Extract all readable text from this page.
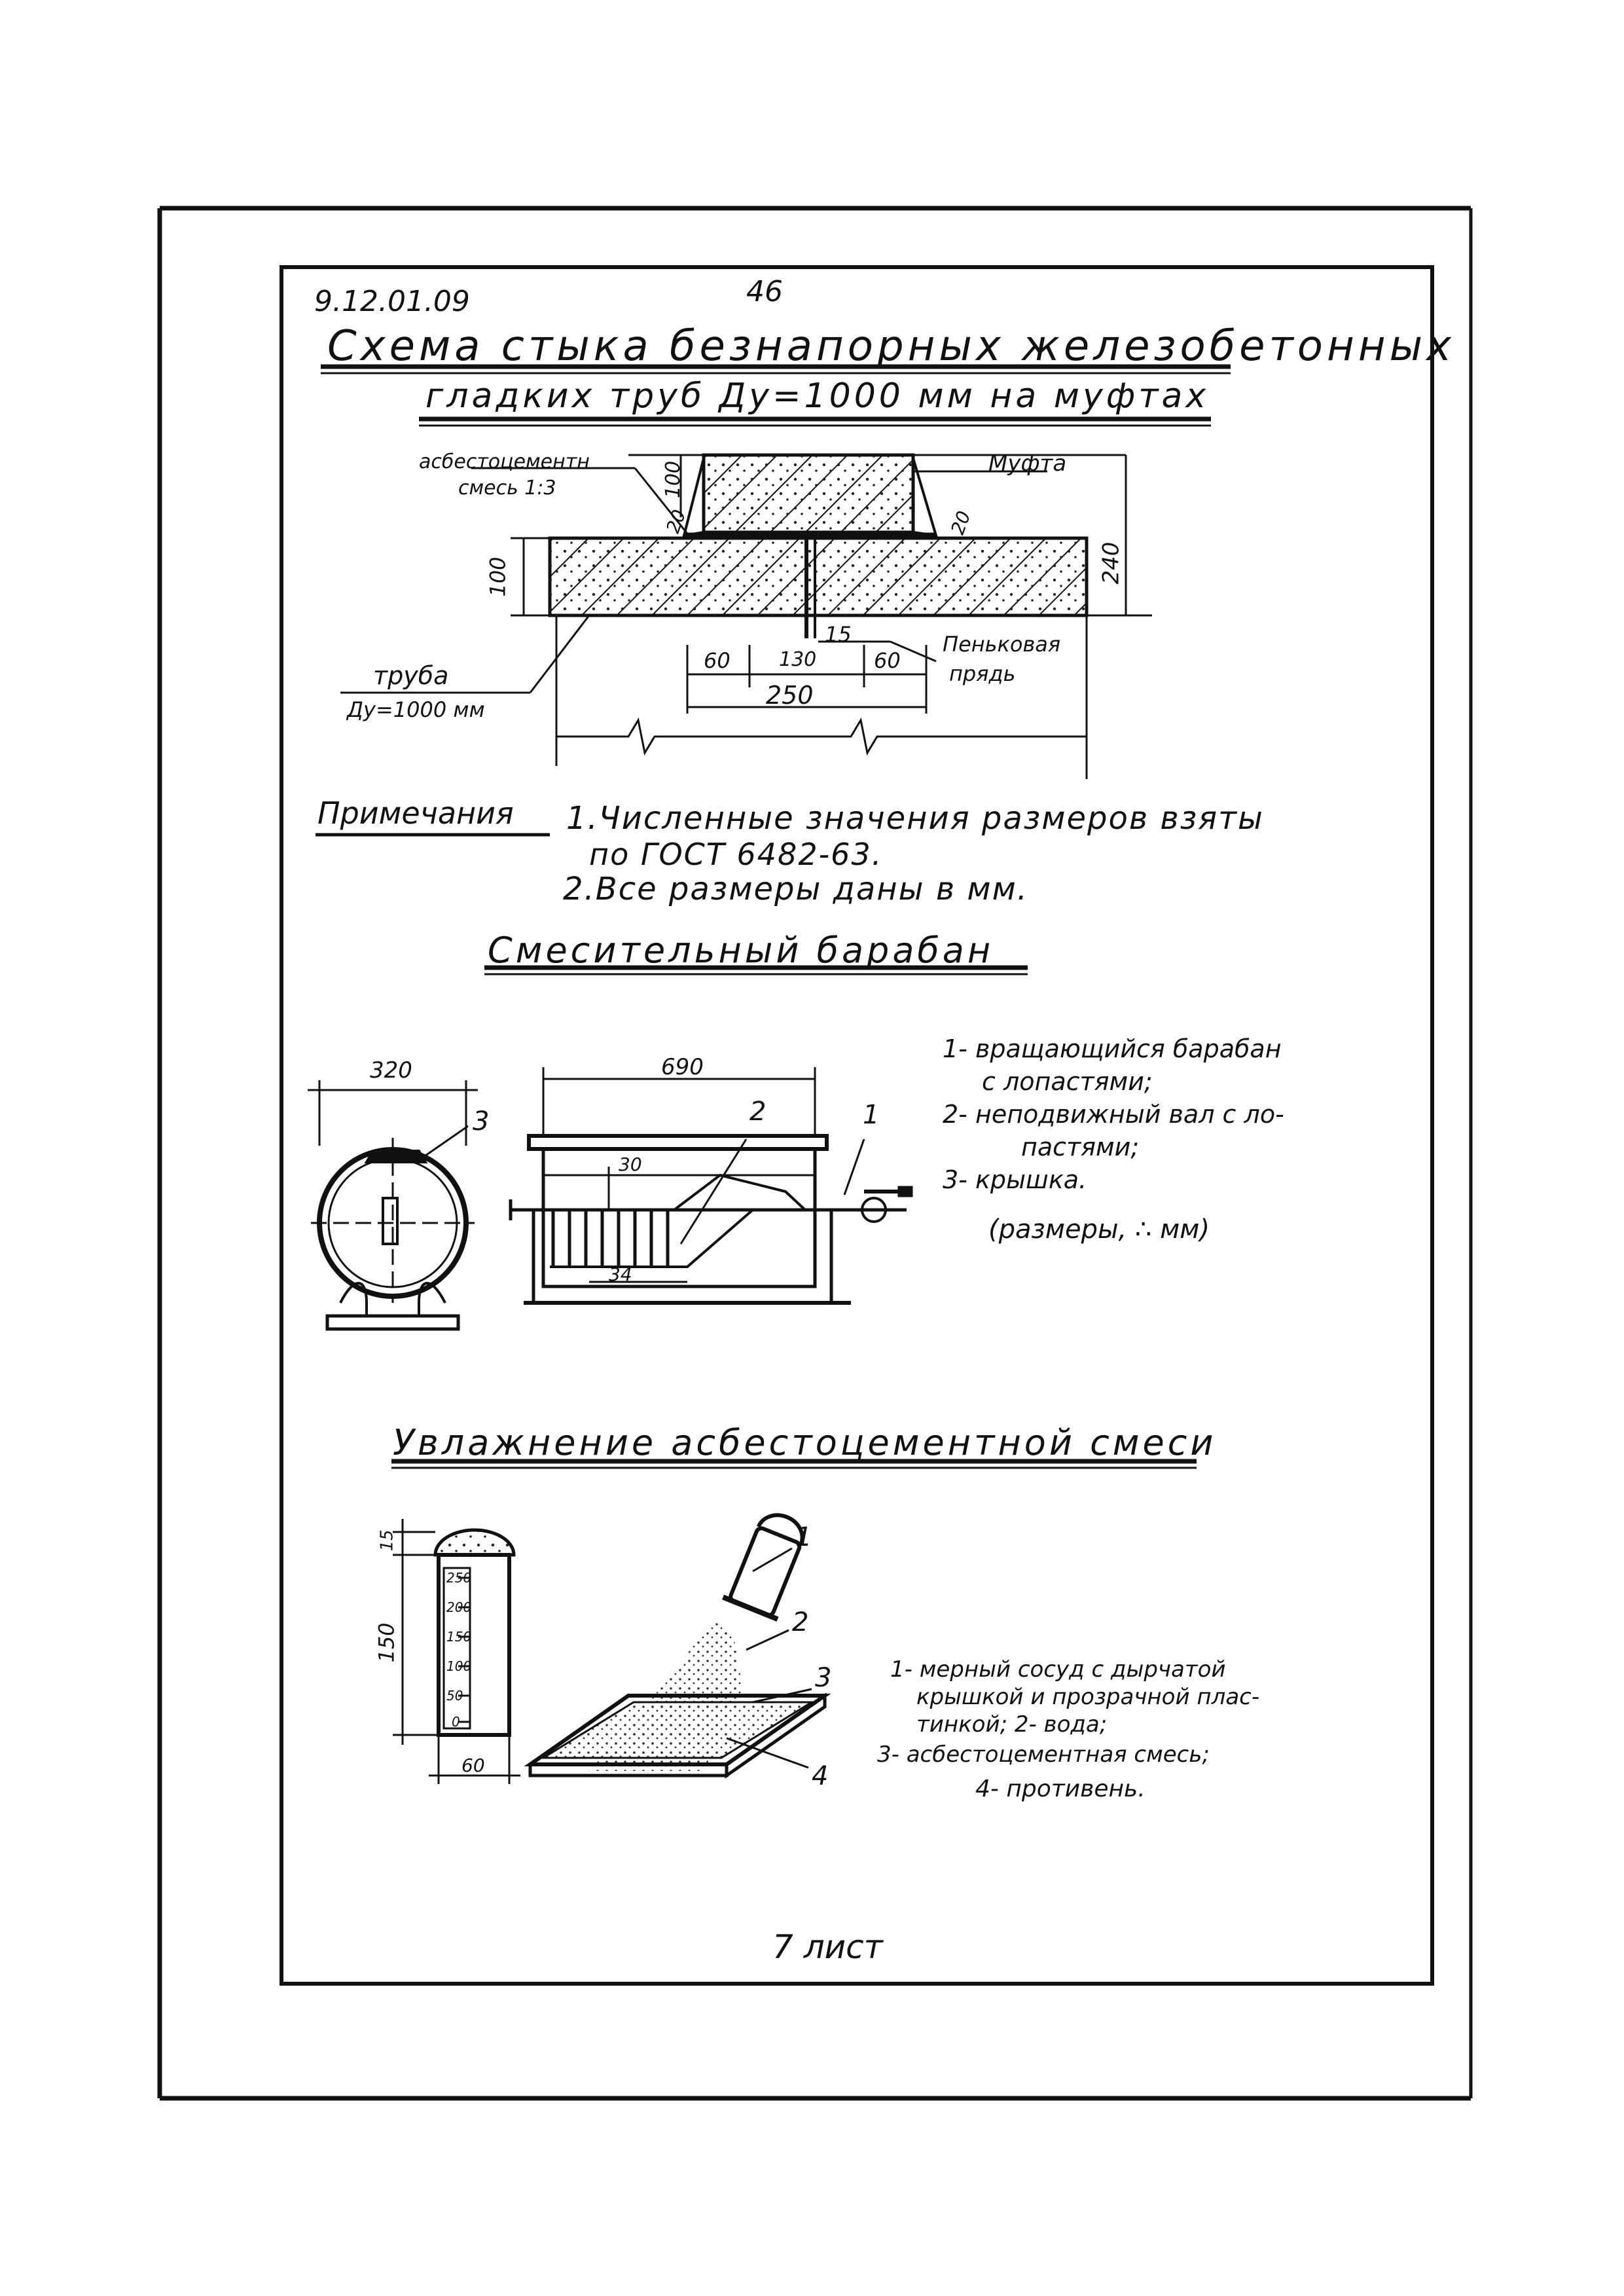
9.12.01.09	46
Схема стыка безнапорных железобетонных
гладких труб Ду=1000 мм на муфтах
асбестоцементн
смесь 1:3
Муфта
труба
Ду=1000 мм
Пеньковая
прядь
100
20	20
100	240
15
60 130	60
250
Примечания 1.Численные значения размеров взяты
по ГОСТ 6482-63.
2.Все размеры даны в мм.
Смесительный барабан
320	690
30
34
3	2	1
1- вращающийся барабан
с лопастями;
2- неподвижный вал с ло-
пастями;
3- крышка.
(размеры, ∴ мм)
Увлажнение асбестоцементной смеси
15
150
60
250
200
150
100
50
0
1
2
3
4
1- мерный сосуд с дырчатой
крышкой и прозрачной плас-
тинкой; 2- вода;
3- асбестоцементная смесь;
4- противень.
7 лист
